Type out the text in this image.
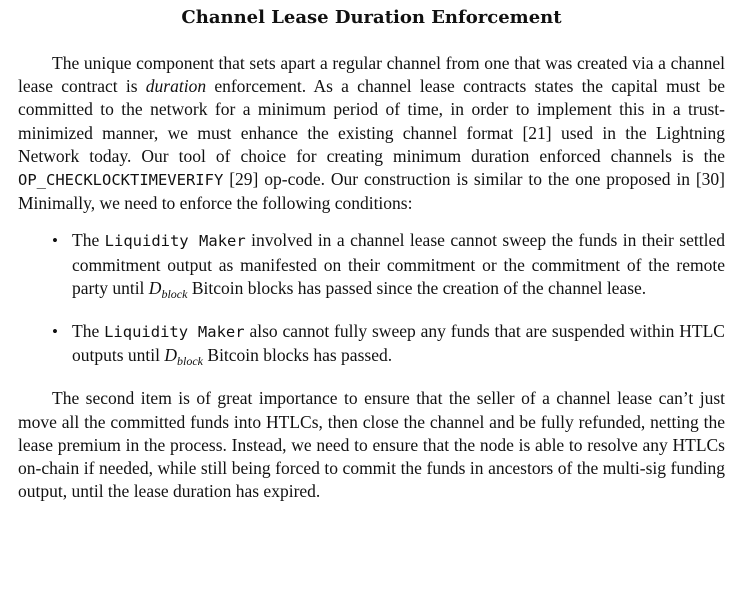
Channel Lease Duration Enforcement

The unique component that sets apart a regular channel from one that was created via a channel lease contract is duration enforcement. As a channel lease contracts states the capital must be committed to the network for a minimum period of time, in order to implement this in a trust-minimized manner, we must enhance the existing channel format [21] used in the Lightning Network today. Our tool of choice for creating minimum duration enforced channels is the OP_CHECKLOCKTIMEVERIFY [29] op-code. Our construction is similar to the one proposed in [30] Minimally, we need to enforce the following conditions:

• The Liquidity Maker involved in a channel lease cannot sweep the funds in their settled commitment output as manifested on their commitment or the commitment of the remote party until $D_{block}$ Bitcoin blocks has passed since the creation of the channel lease.
• The Liquidity Maker also cannot fully sweep any funds that are suspended within HTLC outputs until $D_{block}$ Bitcoin blocks has passed.

The second item is of great importance to ensure that the seller of a channel lease can’t just move all the committed funds into HTLCs, then close the channel and be fully refunded, netting the lease premium in the process. Instead, we need to ensure that the node is able to resolve any HTLCs on-chain if needed, while still being forced to commit the funds in ancestors of the multi-sig funding output, until the lease duration has expired.
